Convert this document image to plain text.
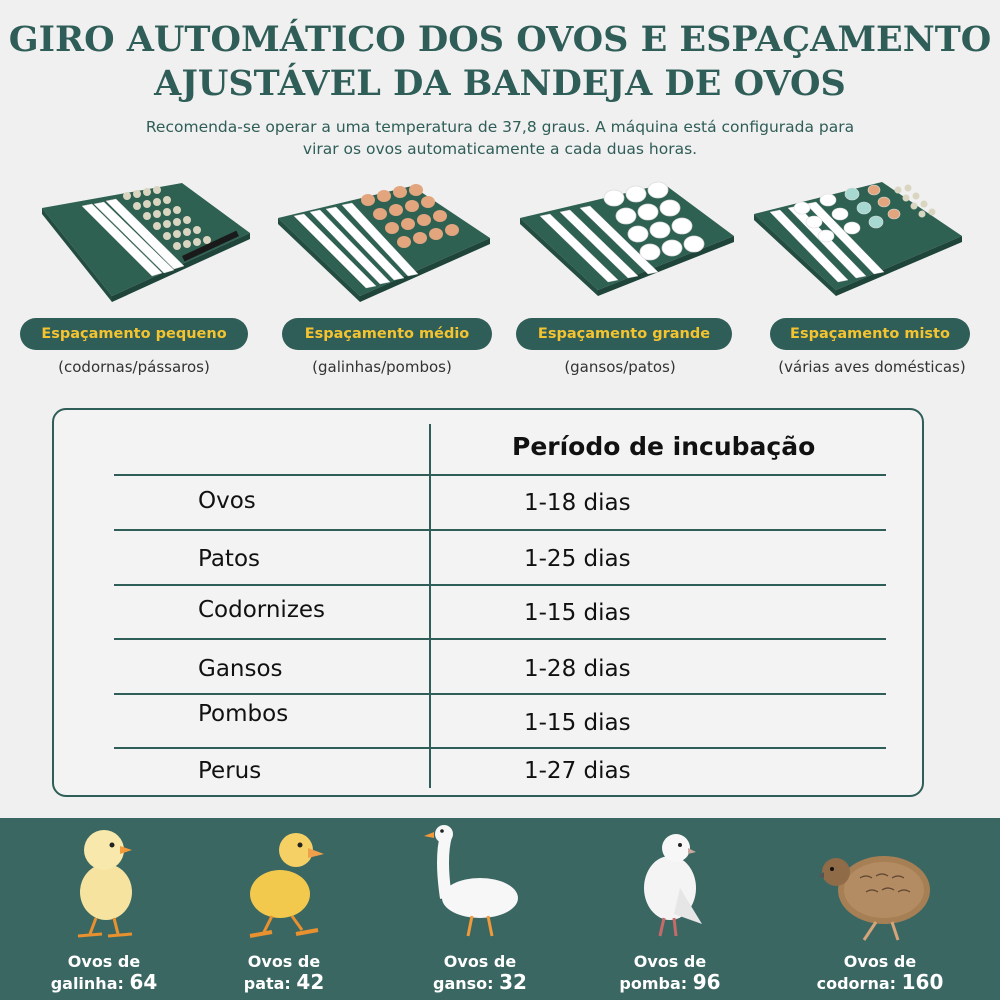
GIRO AUTOMÁTICO DOS OVOS E ESPAÇAMENTO
AJUSTÁVEL DA BANDEJA DE OVOS
Recomenda-se operar a uma temperatura de 37,8 graus. A máquina está configurada para
virar os ovos automaticamente a cada duas horas.
Espaçamento pequeno
(codornas/pássaros)
Espaçamento médio
(galinhas/pombos)
Espaçamento grande
(gansos/patos)
Espaçamento misto
(várias aves domésticas)
Período de incubação
Ovos	1-18 dias
Patos	1-25 dias
Codornizes	1-15 dias
Gansos	1-28 dias
Pombos	1-15 dias
Perus	1-27 dias
Ovos de
galinha: 64
Ovos de
pata: 42
Ovos de
ganso: 32
Ovos de
pomba: 96
Ovos de
codorna: 160
